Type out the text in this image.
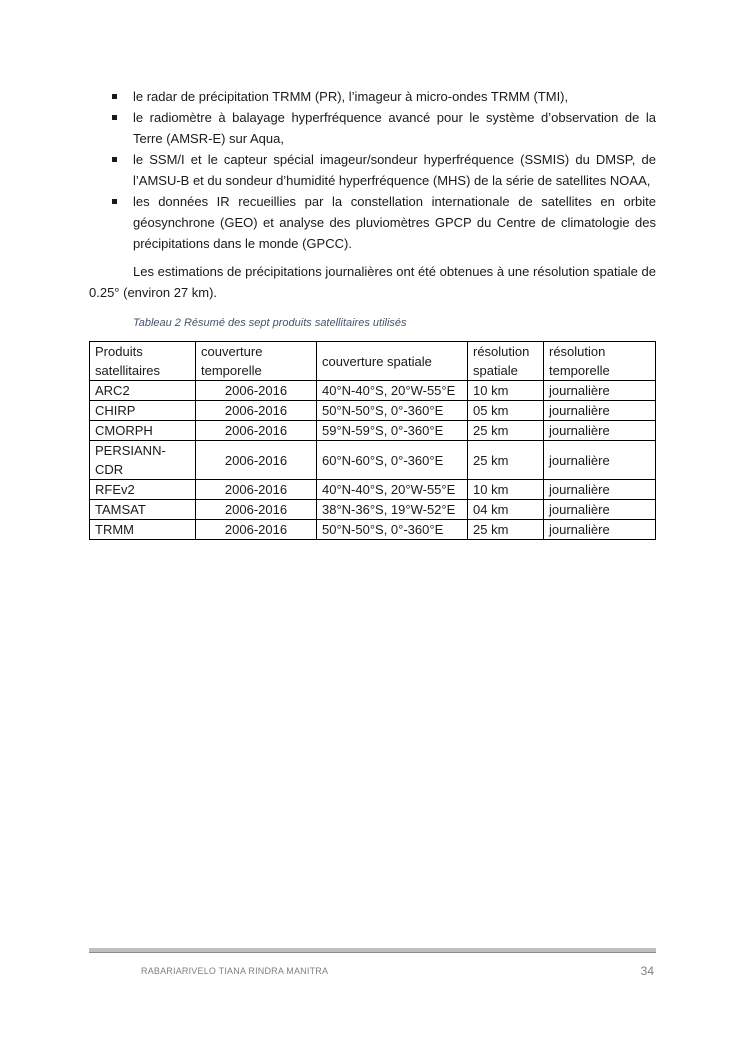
le radar de précipitation TRMM (PR), l’imageur à micro-ondes TRMM (TMI),
le radiomètre à balayage hyperfréquence avancé pour le système d’observation de la Terre (AMSR-E) sur Aqua,
le SSM/I et le capteur spécial imageur/sondeur hyperfréquence (SSMIS) du DMSP, de l’AMSU-B et du sondeur d’humidité hyperfréquence (MHS) de la série de satellites NOAA,
les données IR recueillies par la constellation internationale de satellites en orbite géosynchrone (GEO) et analyse des pluviomètres GPCP du Centre de climatologie des précipitations dans le monde (GPCC).

Les estimations de précipitations journalières ont été obtenues à une résolution spatiale de 0.25° (environ 27 km).

Tableau 2 Résumé des sept produits satellitaires utilisés
Produits satellitaires	couverture temporelle	couverture spatiale	résolution spatiale	résolution temporelle
ARC2	2006-2016	40°N-40°S, 20°W-55°E	10 km	journalière
CHIRP	2006-2016	50°N-50°S, 0°-360°E	05 km	journalière
CMORPH	2006-2016	59°N-59°S, 0°-360°E	25 km	journalière
PERSIANN-CDR	2006-2016	60°N-60°S, 0°-360°E	25 km	journalière
RFEv2	2006-2016	40°N-40°S, 20°W-55°E	10 km	journalière
TAMSAT	2006-2016	38°N-36°S, 19°W-52°E	04 km	journalière
TRMM	2006-2016	50°N-50°S, 0°-360°E	25 km	journalière
RABARIARIVELO TIANA RINDRA MANITRA	34
